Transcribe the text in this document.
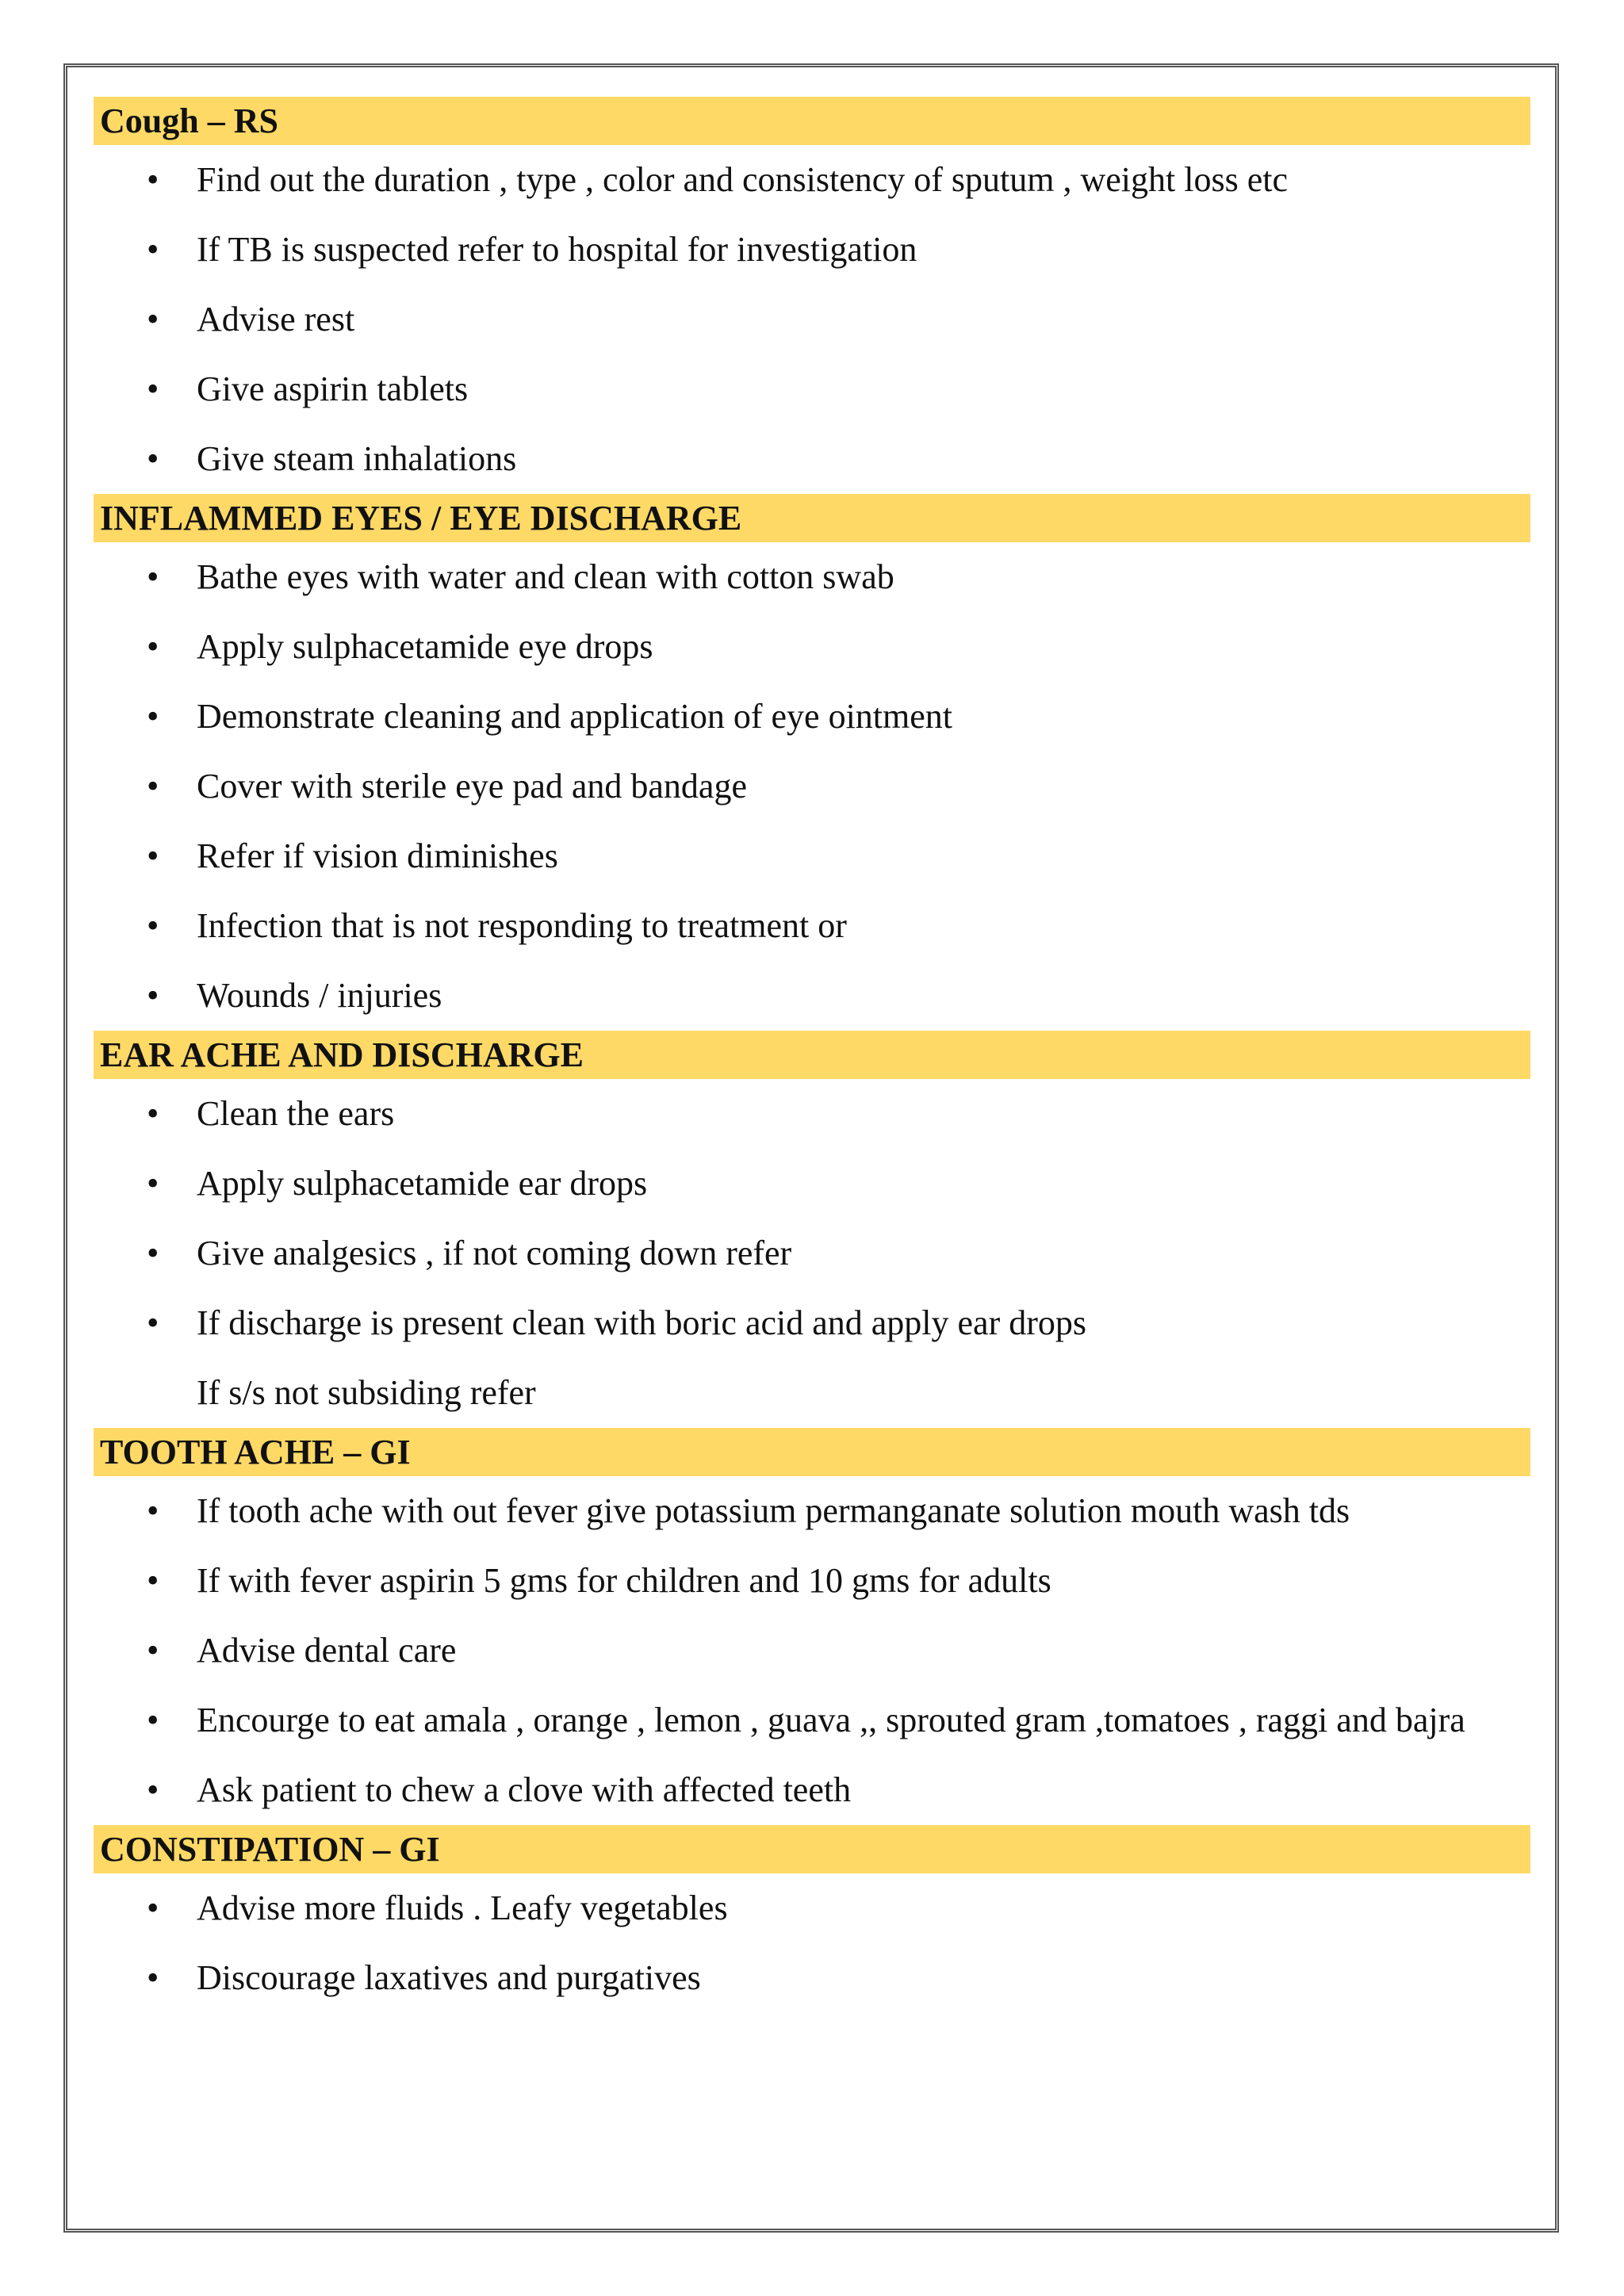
Cough – RS
• Find out the duration , type , color and consistency of sputum , weight loss etc
• If TB is suspected refer to hospital for investigation
• Advise rest
• Give aspirin tablets
• Give steam inhalations
INFLAMMED EYES / EYE DISCHARGE
• Bathe eyes with water and clean with cotton swab
• Apply sulphacetamide eye drops
• Demonstrate cleaning and application of eye ointment
• Cover with sterile eye pad and bandage
• Refer if vision diminishes
• Infection that is not responding to treatment or
• Wounds / injuries
EAR ACHE AND DISCHARGE
• Clean the ears
• Apply sulphacetamide ear drops
• Give analgesics , if not coming down refer
• If discharge is present clean with boric acid and apply ear drops

If s/s not subsiding refer

TOOTH ACHE – GI
• If tooth ache with out fever give potassium permanganate solution mouth wash tds
• If with fever aspirin 5 gms for children and 10 gms for adults
• Advise dental care
• Encourge to eat amala , orange , lemon , guava ,, sprouted gram ,tomatoes , raggi and bajra
• Ask patient to chew a clove with affected teeth
CONSTIPATION – GI
• Advise more fluids . Leafy vegetables
• Discourage laxatives and purgatives
